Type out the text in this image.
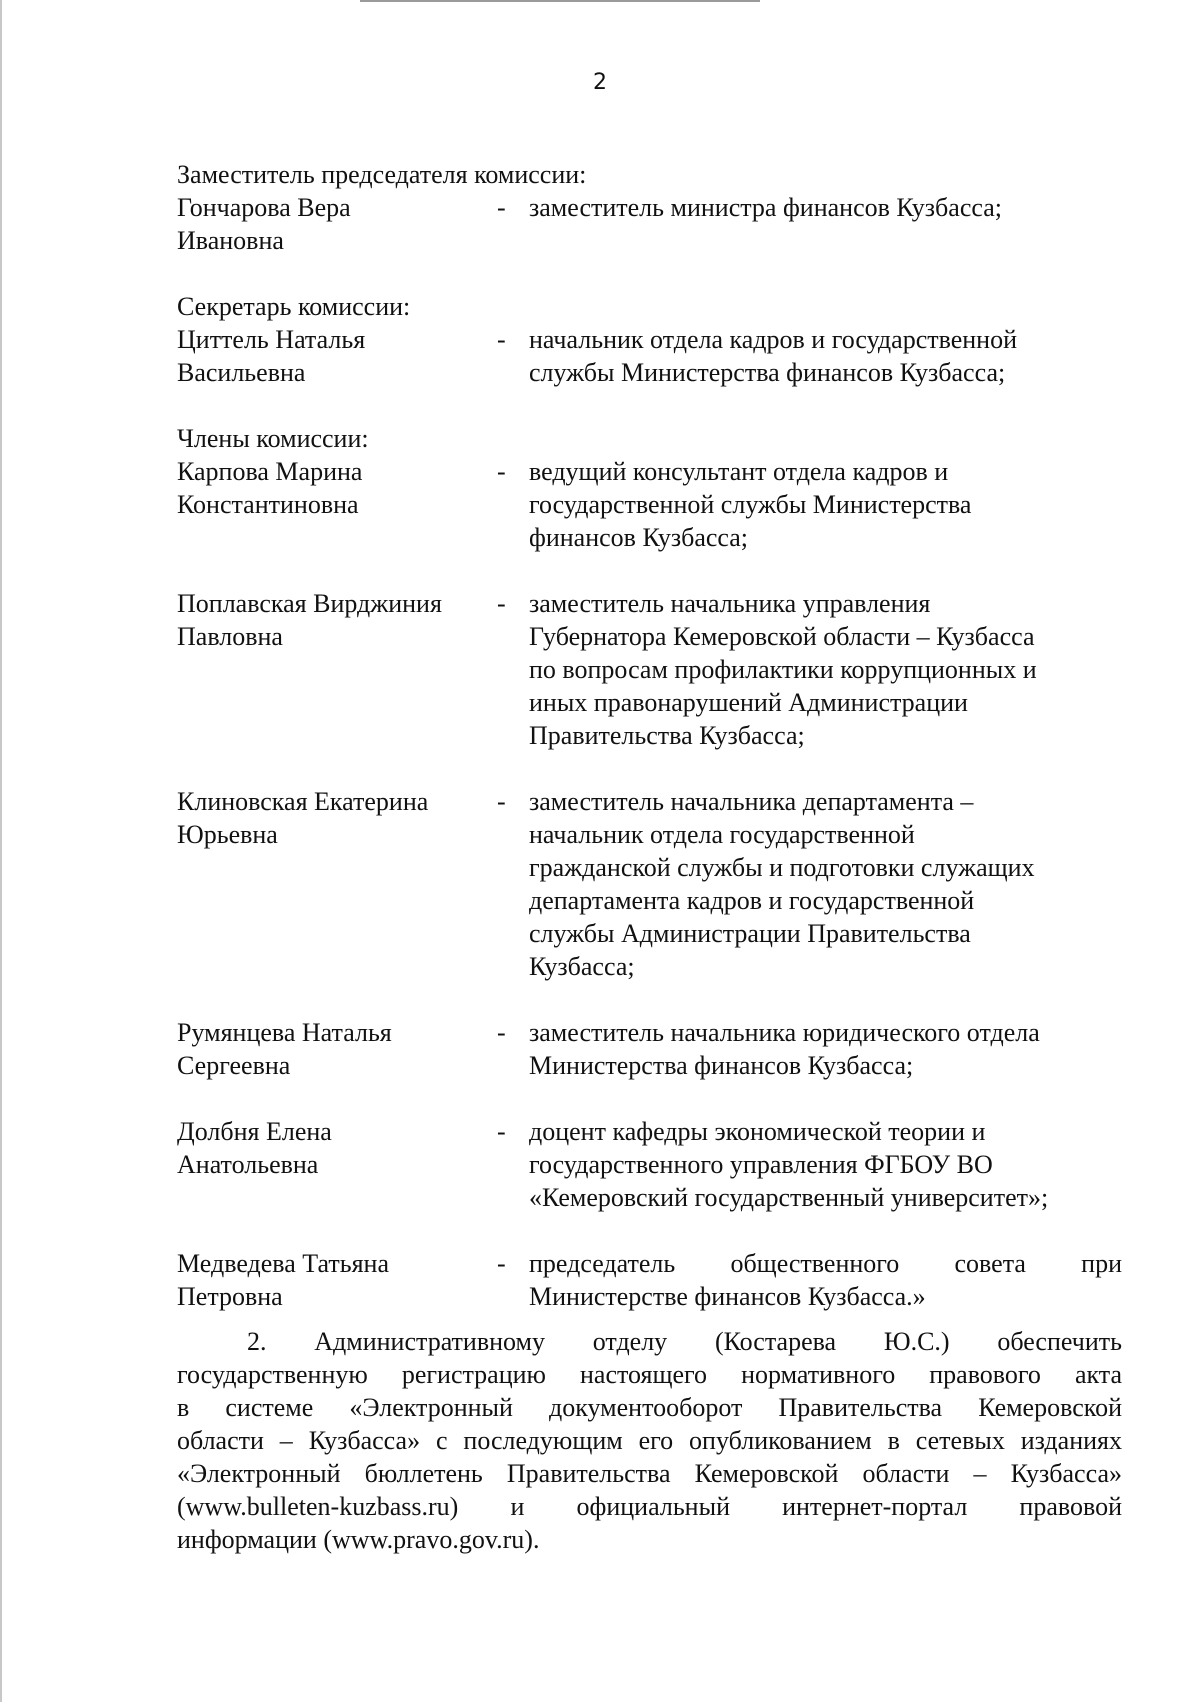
2
Заместитель председателя комиссии:
Гончарова Вера
Ивановна
- заместитель министра финансов Кузбасса;
Секретарь комиссии:
Циттель Наталья
Васильевна
- начальник отдела кадров и государственной
службы Министерства финансов Кузбасса;
Члены комиссии:
Карпова Марина
Константиновна
- ведущий консультант отдела кадров и
государственной службы Министерства
финансов Кузбасса;
Поплавская Вирджиния
Павловна
- заместитель начальника управления
Губернатора Кемеровской области – Кузбасса
по вопросам профилактики коррупционных и
иных правонарушений Администрации
Правительства Кузбасса;
Клиновская Екатерина
Юрьевна
- заместитель начальника департамента –
начальник отдела государственной
гражданской службы и подготовки служащих
департамента кадров и государственной
службы Администрации Правительства
Кузбасса;
Румянцева Наталья
Сергеевна
- заместитель начальника юридического отдела
Министерства финансов Кузбасса;
Долбня Елена
Анатольевна
- доцент кафедры экономической теории и
государственного управления ФГБОУ ВО
«Кемеровский государственный университет»;
Медведева Татьяна
Петровна
- председатель общественного совета при
Министерстве финансов Кузбасса.»
2. Административному отделу (Костарева Ю.С.) обеспечить
государственную регистрацию настоящего нормативного правового акта
в системе «Электронный документооборот Правительства Кемеровской
области – Кузбасса» с последующим его опубликованием в сетевых изданиях
«Электронный бюллетень Правительства Кемеровской области – Кузбасса»
(www.bulleten-kuzbass.ru) и официальный интернет-портал правовой
информации (www.pravo.gov.ru).
